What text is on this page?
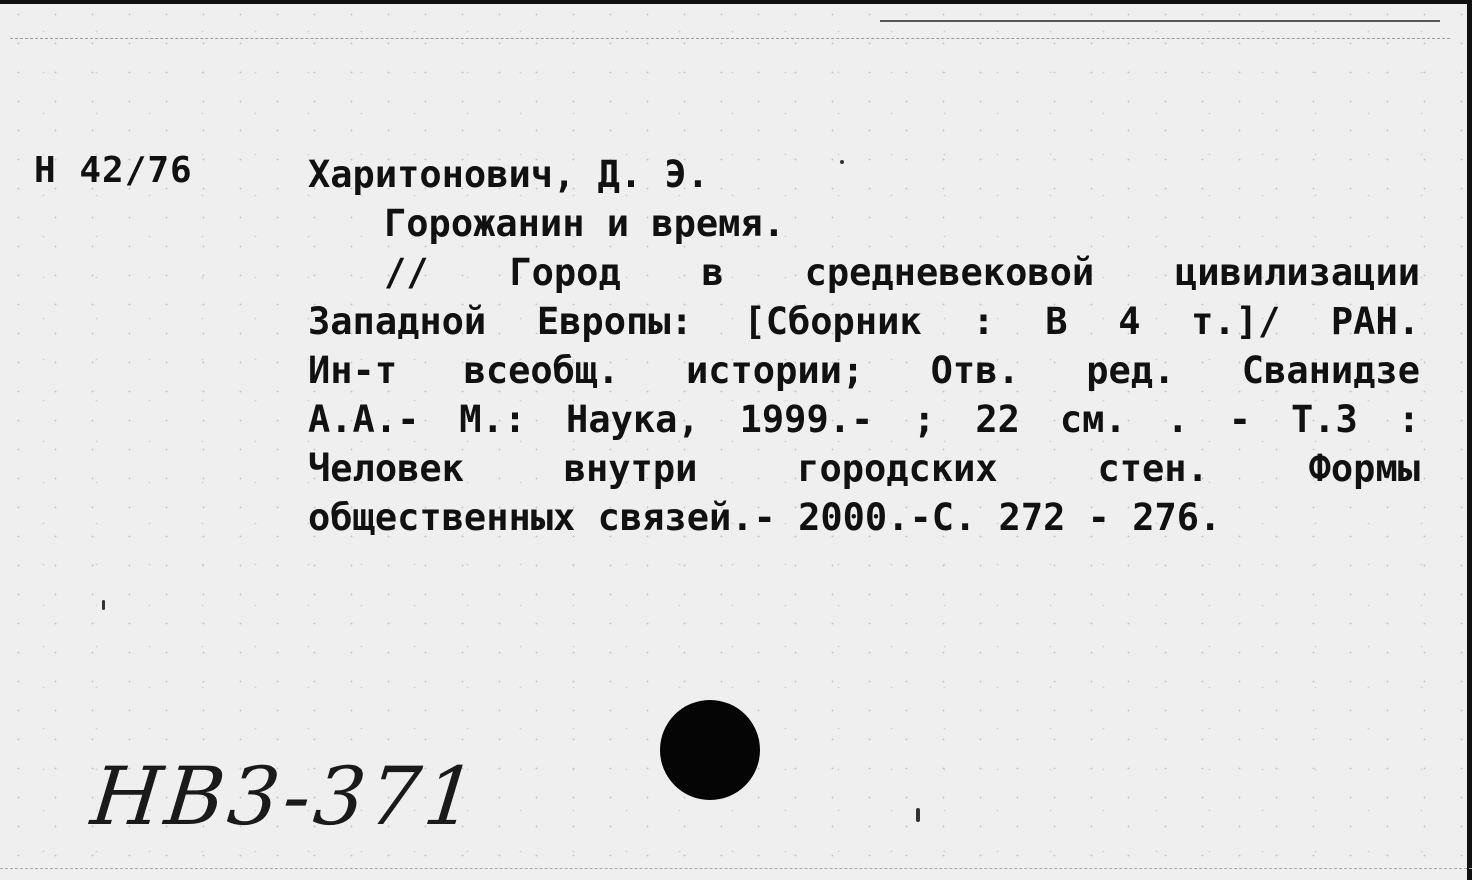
Н 42/76	Харитонович, Д. Э.
Горожанин и время.
// Город в средневековой цивилизации
Западной Европы: [Сборник : В 4 т.]/ РАН.
Ин-т всеобщ. истории; Отв. ред. Сванидзе
А.А.- М.: Наука, 1999.- ; 22 см. . - Т.3 :
Человек внутри городских стен. Формы
общественных связей.- 2000.-С. 272 - 276.
НВ3-371
